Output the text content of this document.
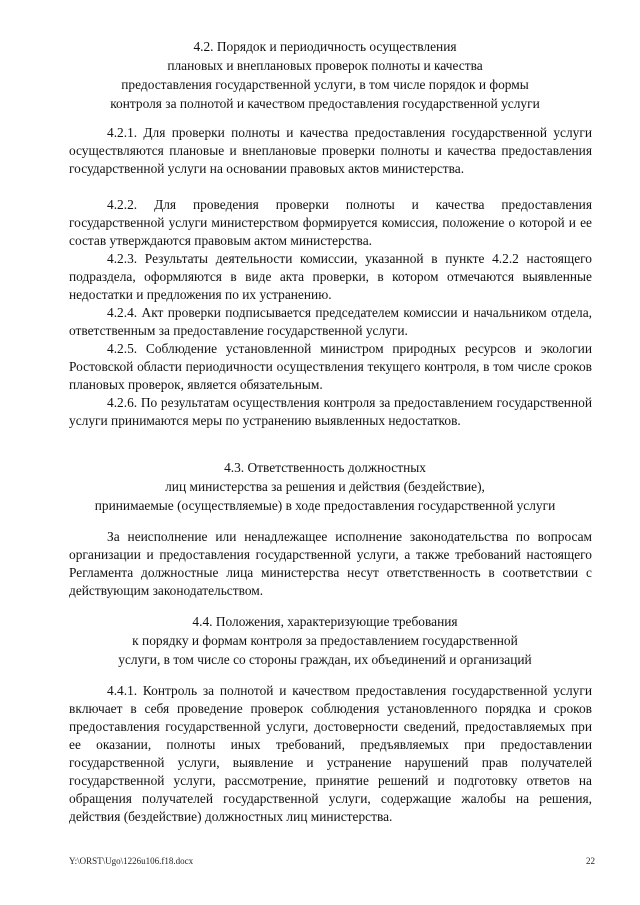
4.2. Порядок и периодичность осуществления
плановых и внеплановых проверок полноты и качества
предоставления государственной услуги, в том числе порядок и формы
контроля за полнотой и качеством предоставления государственной услуги

4.2.1. Для проверки полноты и качества предоставления государственной услуги осуществляются плановые и внеплановые проверки полноты и качества предоставления государственной услуги на основании правовых актов министерства.

4.2.2. Для проведения проверки полноты и качества предоставления государственной услуги министерством формируется комиссия, положение о которой и ее состав утверждаются правовым актом министерства.

4.2.3. Результаты деятельности комиссии, указанной в пункте 4.2.2 настоящего подраздела, оформляются в виде акта проверки, в котором отмечаются выявленные недостатки и предложения по их устранению.

4.2.4. Акт проверки подписывается председателем комиссии и начальником отдела, ответственным за предоставление государственной услуги.

4.2.5. Соблюдение установленной министром природных ресурсов и экологии Ростовской области периодичности осуществления текущего контроля, в том числе сроков плановых проверок, является обязательным.

4.2.6. По результатам осуществления контроля за предоставлением государственной услуги принимаются меры по устранению выявленных недостатков.

4.3. Ответственность должностных
лиц министерства за решения и действия (бездействие),
принимаемые (осуществляемые) в ходе предоставления государственной услуги

За неисполнение или ненадлежащее исполнение законодательства по вопросам организации и предоставления государственной услуги, а также требований настоящего Регламента должностные лица министерства несут ответственность в соответствии с действующим законодательством.

4.4. Положения, характеризующие требования
к порядку и формам контроля за предоставлением государственной
услуги, в том числе со стороны граждан, их объединений и организаций

4.4.1. Контроль за полнотой и качеством предоставления государственной услуги включает в себя проведение проверок соблюдения установленного порядка и сроков предоставления государственной услуги, достоверности сведений, предоставляемых при ее оказании, полноты иных требований, предъявляемых при предоставлении государственной услуги, выявление и устранение нарушений прав получателей государственной услуги, рассмотрение, принятие решений и подготовку ответов на обращения получателей государственной услуги, содержащие жалобы на решения, действия (бездействие) должностных лиц министерства.

Y:\ORST\Ugo\1226u106.f18.docx	22
